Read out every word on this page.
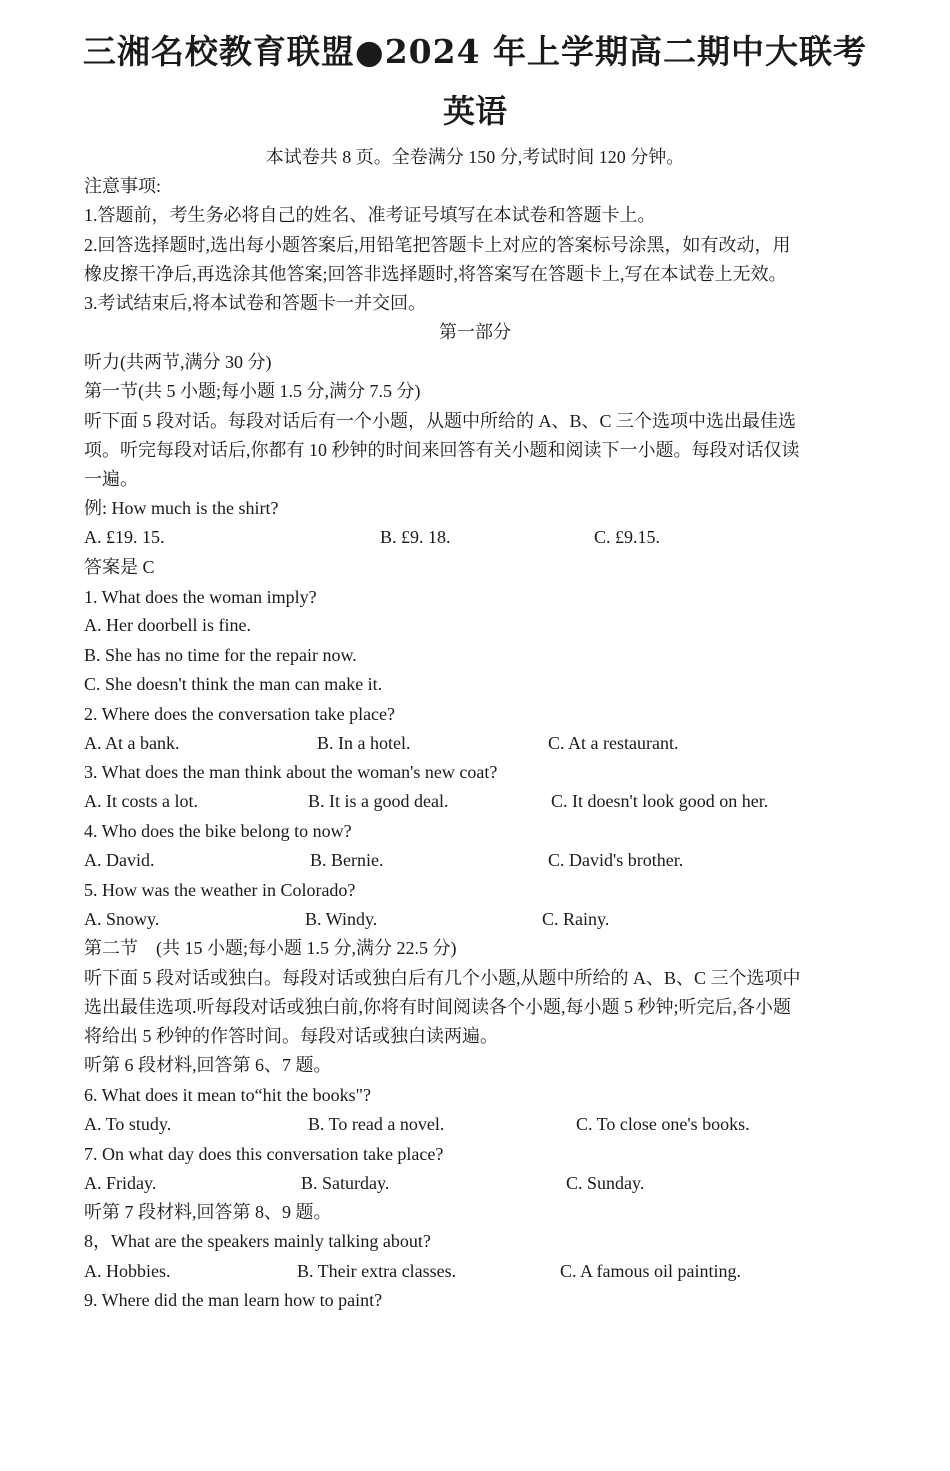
三湘名校教育联盟●2024 年上学期高二期中大联考
英语
本试卷共 8 页。全卷满分 150 分,考试时间 120 分钟。
注意事项:
1.答题前，考生务必将自己的姓名、准考证号填写在本试卷和答题卡上。
2.回答选择题时,选出每小题答案后,用铅笔把答题卡上对应的答案标号涂黑，如有改动，用
橡皮擦干净后,再选涂其他答案;回答非选择题时,将答案写在答题卡上,写在本试卷上无效。
3.考试结束后,将本试卷和答题卡一并交回。
第一部分
听力(共两节,满分 30 分)
第一节(共 5 小题;每小题 1.5 分,满分 7.5 分)
听下面 5 段对话。每段对话后有一个小题，从题中所给的 A、B、C 三个选项中选出最佳选
项。听完每段对话后,你都有 10 秒钟的时间来回答有关小题和阅读下一小题。每段对话仅读
一遍。
例: How much is the shirt?
A. £19. 15.	B. £9. 18.	C. £9.15.
答案是 C
1. What does the woman imply?
A. Her doorbell is fine.
B. She has no time for the repair now.
C. She doesn't think the man can make it.
2. Where does the conversation take place?
A. At a bank.	B. In a hotel.	C. At a restaurant.
3. What does the man think about the woman's new coat?
A. It costs a lot.	B. It is a good deal.	C. It doesn't look good on her.
4. Who does the bike belong to now?
A. David.	B. Bernie.	C. David's brother.
5. How was the weather in Colorado?
A. Snowy.	B. Windy.	C. Rainy.
第二节　(共 15 小题;每小题 1.5 分,满分 22.5 分)
听下面 5 段对话或独白。每段对话或独白后有几个小题,从题中所给的 A、B、C 三个选项中
选出最佳选项.听每段对话或独白前,你将有时间阅读各个小题,每小题 5 秒钟;听完后,各小题
将给出 5 秒钟的作答时间。每段对话或独白读两遍。
听第 6 段材料,回答第 6、7 题。
6. What does it mean to“hit the books"?
A. To study.	B. To read a novel.	C. To close one's books.
7. On what day does this conversation take place?
A. Friday.	B. Saturday.	C. Sunday.
听第 7 段材料,回答第 8、9 题。
8，What are the speakers mainly talking about?
A. Hobbies.	B. Their extra classes.	C. A famous oil painting.
9. Where did the man learn how to paint?
